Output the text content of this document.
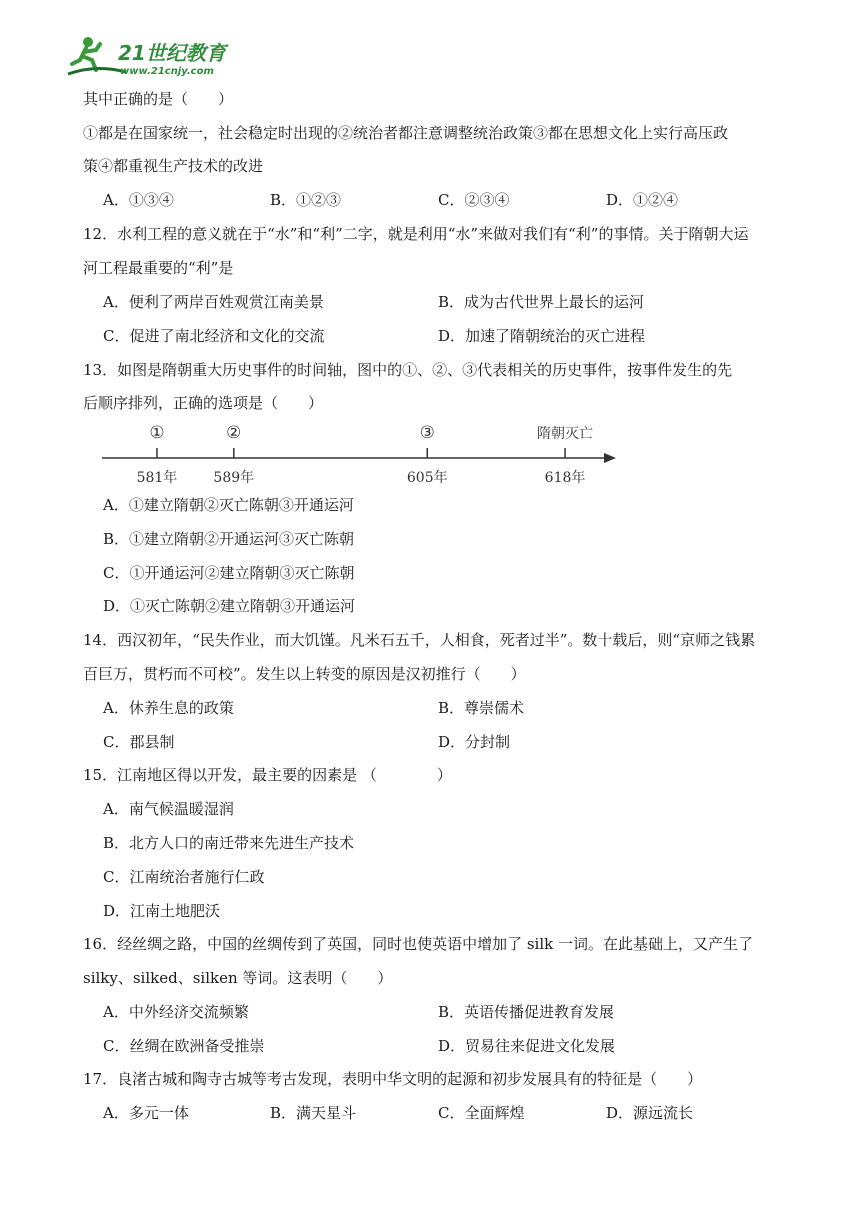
21世纪教育
www.21cnjy.com
其中正确的是（　　）
①都是在国家统一，社会稳定时出现的②统治者都注意调整统治政策③都在思想文化上实行高压政
策④都重视生产技术的改进
A．①③④	B．①②③	C．②③④	D．①②④
12．水利工程的意义就在于“水”和“利”二字，就是利用“水”来做对我们有“利”的事情。关于隋朝大运
河工程最重要的“利”是
A．便利了两岸百姓观赏江南美景	B．成为古代世界上最长的运河
C．促进了南北经济和文化的交流	D．加速了隋朝统治的灭亡进程
13．如图是隋朝重大历史事件的时间轴，图中的①、②、③代表相关的历史事件，按事件发生的先
后顺序排列，正确的选项是（　　）
①
581年
②
589年
③
605年
隋朝灭亡
618年
A．①建立隋朝②灭亡陈朝③开通运河
B．①建立隋朝②开通运河③灭亡陈朝
C．①开通运河②建立隋朝③灭亡陈朝
D．①灭亡陈朝②建立隋朝③开通运河
14．西汉初年，“民失作业，而大饥馑。凡米石五千，人相食，死者过半”。数十载后，则“京师之钱累
百巨万，贯朽而不可校”。发生以上转变的原因是汉初推行（　　）
A．休养生息的政策	B．尊崇儒术
C．郡县制	D．分封制
15．江南地区得以开发，最主要的因素是 （　　　　）
A．南气候温暖湿润
B．北方人口的南迁带来先进生产技术
C．江南统治者施行仁政
D．江南土地肥沃
16．经丝绸之路，中国的丝绸传到了英国，同时也使英语中增加了 silk 一词。在此基础上，又产生了
silky、silked、silken 等词。这表明（　　）
A．中外经济交流频繁	B．英语传播促进教育发展
C．丝绸在欧洲备受推崇	D．贸易往来促进文化发展
17．良渚古城和陶寺古城等考古发现，表明中华文明的起源和初步发展具有的特征是（　　）
A．多元一体	B．满天星斗	C．全面辉煌	D．源远流长
